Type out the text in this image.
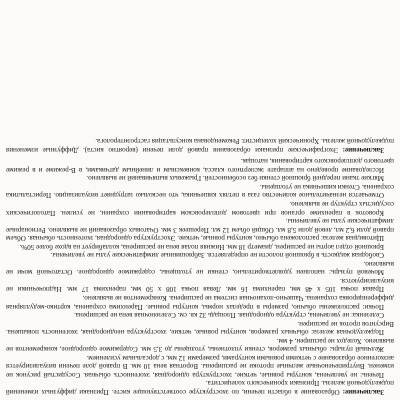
Заключение: Образование в области печени, по эхоструктуре соответствующее кисте. Признаки диффузных изменений поджелудочной железы. Признаки хронического холецистита.

Печень: не увеличена, контуры ровные, четкие, эхоструктура однородная, эхогенность обычная. Сосудистый рисунок не изменен. Внутрипеченочные желчные протоки не расширены. Воротная вена 10 мм. В правой доле печени визуализируется анэхогенное образование с четкими ровными контурами, размерами 12 мм, с дорсальным усилением.

Желчный пузырь: обычных размеров, стенки уплотнены, утолщены до 3,5 мм. Содержимое однородное, конкрементов не выявлено. Холедох не расширен, 4 мм.

Поджелудочная железа: обычных размеров, контуры ровные, четкие, эхоструктура неоднородная, эхогенность повышена. Вирсунгов проток не расширен.

Селезенка: не увеличена, структура однородная. Площадь 32 кв. см. Селезеночная вена не расширена.

Почки: расположены обычно, размеры в пределах нормы, контуры ровные. Паренхима сохранена, кортико-медуллярная дифференцировка сохранена. Чашечно-лоханочная система не расширена. Конкрементов не выявлено.

Правая почка 105 х 48 мм, паренхима 16 мм. Левая почка 108 х 50 мм, паренхима 17 мм. Надпочечники не визуализируются.

Мочевой пузырь: наполнен удовлетворительно, стенки не утолщены, содержимое однородное. Остаточной мочи не выявлено.

Свободная жидкость в брюшной полости не определяется. Забрюшинные лимфатические узлы не увеличены.

Брюшной отдел аорты не расширен, диаметр 18 мм. Нижняя полая вена не расширена, коллабирует на вдохе более 50%.

Щитовидная железа: расположена обычно, контуры ровные, четкие. Эхоструктура однородная, эхогенность обычная. Объем правой доли 6,2 мл, левой доли 5,8 мл. Общий объем 12 мл. Перешеек 3 мм. Очаговых образований не выявлено. Регионарные лимфатические узлы не увеличены.

Кровоток в паренхиме органов при цветовом допплеровском картировании сохранен, не усилен. Патологических сосудистых структур не выявлено.

Отмечается незначительное количество газа в петлях кишечника, что несколько затрудняет визуализацию. Перистальтика сохранена. Стенки кишечника не утолщены.

Мягкие ткани передней брюшной стенки без особенностей. Грыжевых выпячиваний не выявлено.

Исследование проведено на аппарате экспертного класса, конвексным и линейным датчиками, в В-режиме и в режиме цветового допплеровского картирования, натощак.

Заключение: Эхографические признаки образования правой доли печени (вероятно киста). Диффузные изменения поджелудочной железы. Хронический холецистит. Рекомендована консультация гастроэнтеролога.
